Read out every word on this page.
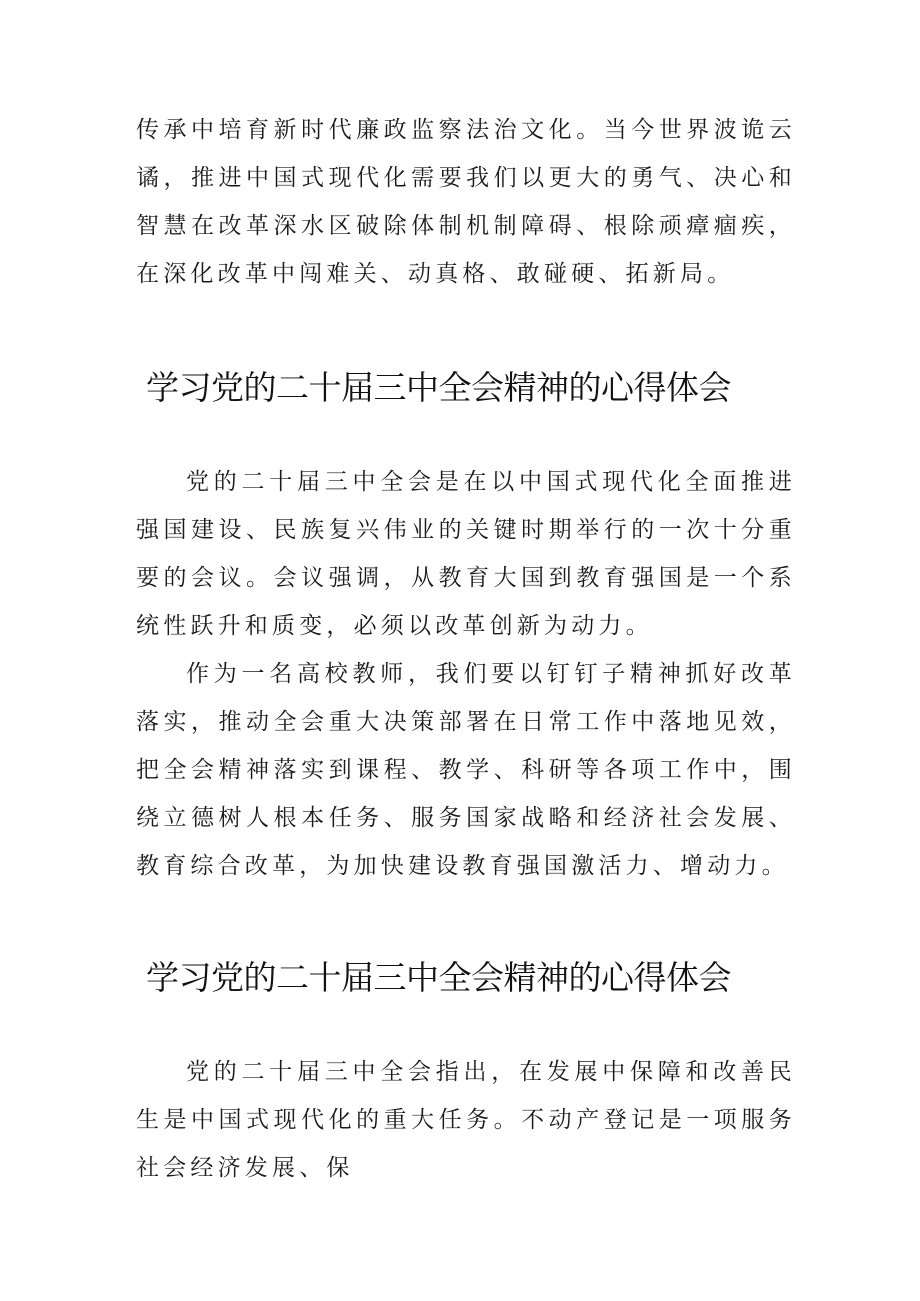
传承中培育新时代廉政监察法治文化。当今世界波诡云谲，推进中国式现代化需要我们以更大的勇气、决心和智慧在改革深水区破除体制机制障碍、根除顽瘴痼疾，在深化改革中闯难关、动真格、敢碰硬、拓新局。

学习党的二十届三中全会精神的心得体会

党的二十届三中全会是在以中国式现代化全面推进强国建设、民族复兴伟业的关键时期举行的一次十分重要的会议。会议强调，从教育大国到教育强国是一个系统性跃升和质变，必须以改革创新为动力。

作为一名高校教师，我们要以钉钉子精神抓好改革落实，推动全会重大决策部署在日常工作中落地见效，把全会精神落实到课程、教学、科研等各项工作中，围绕立德树人根本任务、服务国家战略和经济社会发展、教育综合改革，为加快建设教育强国激活力、增动力。

学习党的二十届三中全会精神的心得体会

党的二十届三中全会指出，在发展中保障和改善民生是中国式现代化的重大任务。不动产登记是一项服务社会经济发展、保
